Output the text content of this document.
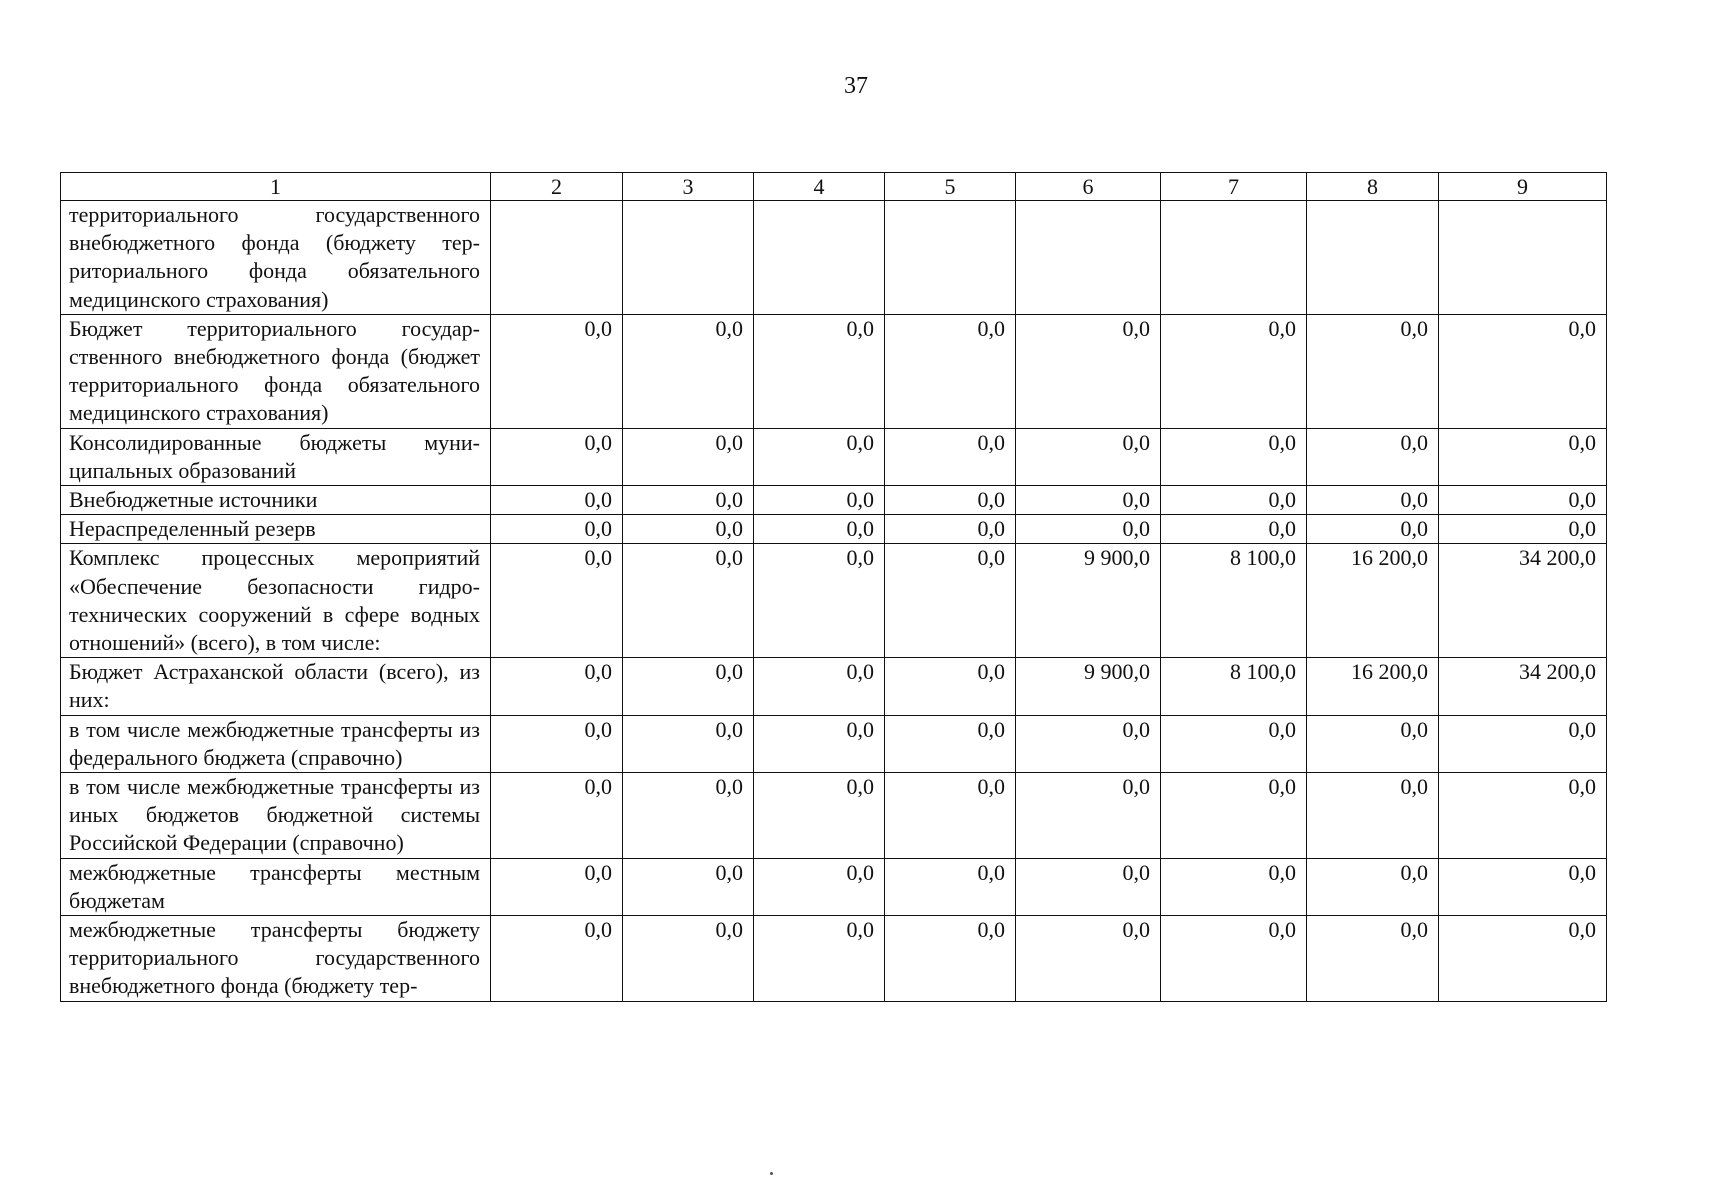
37
1	2	3	4	5	6	7	8	9
территориального государственного внебюджетного фонда (бюджету территориального фонда обязательного медицинского страхования)								
Бюджет территориального государственного внебюджетного фонда (бюджет территориального фонда обязательного медицинского страхования)	0,0	0,0	0,0	0,0	0,0	0,0	0,0	0,0
Консолидированные бюджеты муниципальных образований	0,0	0,0	0,0	0,0	0,0	0,0	0,0	0,0
Внебюджетные источники	0,0	0,0	0,0	0,0	0,0	0,0	0,0	0,0
Нераспределенный резерв	0,0	0,0	0,0	0,0	0,0	0,0	0,0	0,0
Комплекс процессных мероприятий «Обеспечение безопасности гидротехнических сооружений в сфере водных отношений» (всего), в том числе:	0,0	0,0	0,0	0,0	9 900,0	8 100,0	16 200,0	34 200,0
Бюджет Астраханской области (всего), из них:	0,0	0,0	0,0	0,0	9 900,0	8 100,0	16 200,0	34 200,0
в том числе межбюджетные трансферты из федерального бюджета (справочно)	0,0	0,0	0,0	0,0	0,0	0,0	0,0	0,0
в том числе межбюджетные трансферты из иных бюджетов бюджетной системы Российской Федерации (справочно)	0,0	0,0	0,0	0,0	0,0	0,0	0,0	0,0
межбюджетные трансферты местным бюджетам	0,0	0,0	0,0	0,0	0,0	0,0	0,0	0,0
межбюджетные трансферты бюджету территориального государственного внебюджетного фонда (бюджету тер-	0,0	0,0	0,0	0,0	0,0	0,0	0,0	0,0
